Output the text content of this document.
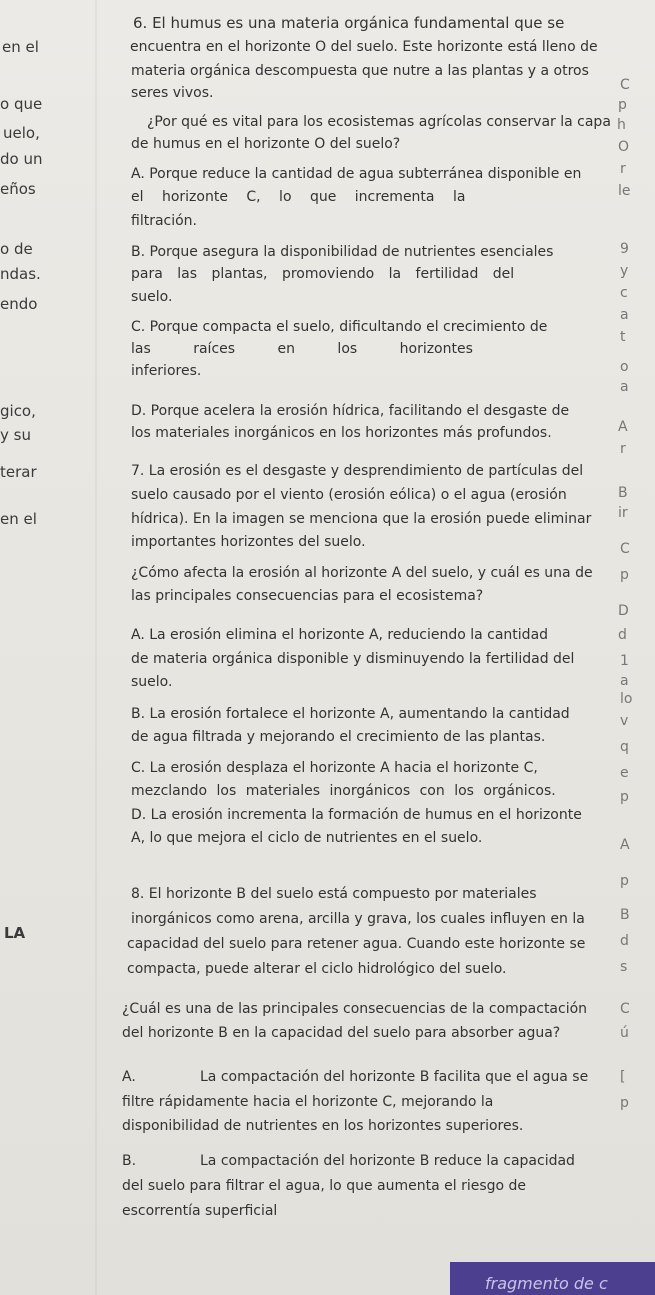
en el
o que
uelo,
do un
eños
o de
ndas.
endo
gico,
y su
terar
en el
LA
C
p
h
O
r
le
9
y
c
a
t
o
a
A
r
B
ir
C
p
D
d
1
a
lo
v
q
e
p
A
p
B
d
s
C
ú
[
p
6. El humus es una materia orgánica fundamental que se
encuentra en el horizonte O del suelo. Este horizonte está lleno de
materia orgánica descompuesta que nutre a las plantas y a otros
seres vivos.
¿Por qué es vital para los ecosistemas agrícolas conservar la capa
de humus en el horizonte O del suelo?
A. Porque reduce la cantidad de agua subterránea disponible en
el horizonte C, lo que incrementa la
filtración.
B. Porque asegura la disponibilidad de nutrientes esenciales
para las plantas, promoviendo la fertilidad del
suelo.
C. Porque compacta el suelo, dificultando el crecimiento de
las raíces en los horizontes
inferiores.
D. Porque acelera la erosión hídrica, facilitando el desgaste de
los materiales inorgánicos en los horizontes más profundos.
7. La erosión es el desgaste y desprendimiento de partículas del
suelo causado por el viento (erosión eólica) o el agua (erosión
hídrica). En la imagen se menciona que la erosión puede eliminar
importantes horizontes del suelo.
¿Cómo afecta la erosión al horizonte A del suelo, y cuál es una de
las principales consecuencias para el ecosistema?
A. La erosión elimina el horizonte A, reduciendo la cantidad
de materia orgánica disponible y disminuyendo la fertilidad del
suelo.
B. La erosión fortalece el horizonte A, aumentando la cantidad
de agua filtrada y mejorando el crecimiento de las plantas.
C. La erosión desplaza el horizonte A hacia el horizonte C,
mezclando los materiales inorgánicos con los orgánicos.
D. La erosión incrementa la formación de humus en el horizonte
A, lo que mejora el ciclo de nutrientes en el suelo.
8. El horizonte B del suelo está compuesto por materiales
inorgánicos como arena, arcilla y grava, los cuales influyen en la
capacidad del suelo para retener agua. Cuando este horizonte se
compacta, puede alterar el ciclo hidrológico del suelo.
¿Cuál es una de las principales consecuencias de la compactación
del horizonte B en la capacidad del suelo para absorber agua?
A.	La compactación del horizonte B facilita que el agua se
filtre rápidamente hacia el horizonte C, mejorando la
disponibilidad de nutrientes en los horizontes superiores.
B.	La compactación del horizonte B reduce la capacidad
del suelo para filtrar el agua, lo que aumenta el riesgo de
escorrentía superficial
fragmento de c
